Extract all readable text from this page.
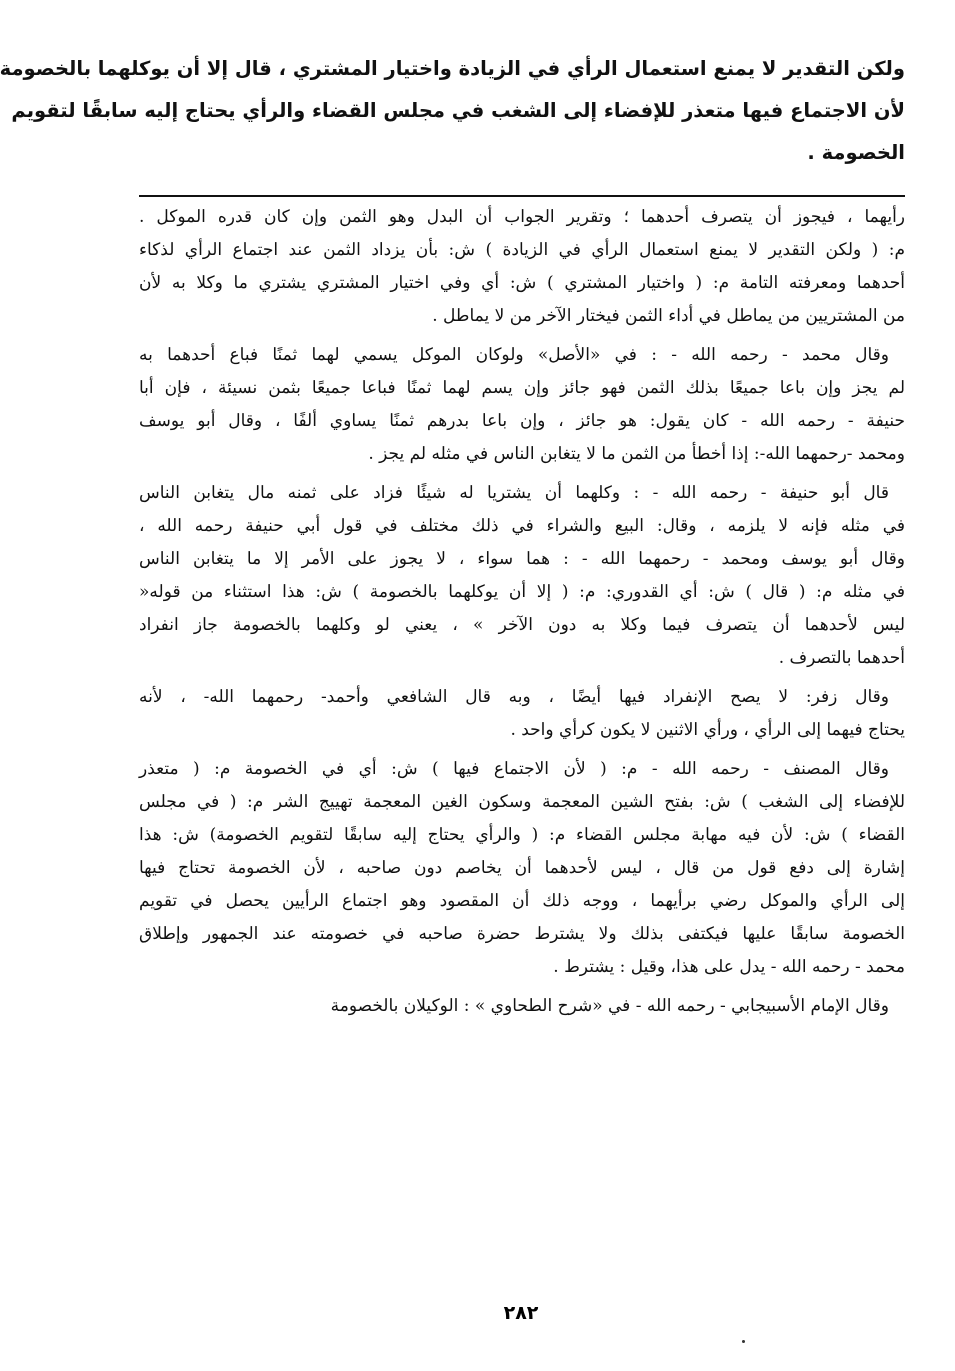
ولكن التقدير لا يمنع استعمال الرأي في الزيادة واختيار المشتري ، قال إلا أن يوكلهما بالخصومة
لأن الاجتماع فيها متعذر للإفضاء إلى الشغب في مجلس القضاء والرأي يحتاج إليه سابقًا لتقويم
الخصومة .

رأيهما ، فيجوز أن يتصرف أحدهما ؛ وتقرير الجواب أن البدل وهو الثمن وإن كان قدره الموكل .
م: ( ولكن التقدير لا يمنع استعمال الرأي في الزيادة ) ش: بأن يزداد الثمن عند اجتماع الرأي لذكاء
أحدهما ومعرفته التامة م: ( واختيار المشتري ) ش: أي وفي اختيار المشتري يشتري ما وكلا به لأن
من المشتريين من يماطل في أداء الثمن فيختار الآخر من لا يماطل .

وقال محمد - رحمه الله - : في «الأصل» ولوكان الموكل يسمي لهما ثمنًا فباع أحدهما به
لم يجز وإن باعا جميعًا بذلك الثمن فهو جائز وإن يسم لهما ثمنًا فباعا جميعًا بثمن نسيئة ، فإن أبا
حنيفة - رحمه الله - كان يقول: هو جائز ، وإن باعا بدرهم ثمنًا يساوي ألفًا ، وقال أبو يوسف
ومحمد -رحمهما الله-: إذا أخطأ من الثمن ما لا يتغابن الناس في مثله لم يجز .

قال أبو حنيفة - رحمه الله - : وكلهما أن يشتريا له شيئًا فزاد على ثمنه مال يتغابن الناس
في مثله فإنه لا يلزمه ، وقال: البيع والشراء في ذلك مختلف في قول أبي حنيفة رحمه الله ،
وقال أبو يوسف ومحمد - رحمهما الله - : هما سواء ، لا يجوز على الأمر إلا ما يتغابن الناس
في مثله م: ( قال ) ش: أي القدوري: م: ( إلا أن يوكلهما بالخصومة ) ش: هذا استثناء من قوله«
ليس لأحدهما أن يتصرف فيما وكلا به دون الآخر » ، يعني لو وكلهما بالخصومة جاز انفراد
أحدهما بالتصرف .

وقال زفر: لا يصح الإنفراد فيها أيضًا ، وبه قال الشافعي وأحمد- رحمهما الله- ، لأنه
يحتاج فيهما إلى الرأي ، ورأي الاثنين لا يكون كرأي واحد .

وقال المصنف - رحمه الله - م: ( لأن الاجتماع فيها ) ش: أي في الخصومة م: ( متعذر
للإفضاء إلى الشغب ) ش: بفتح الشين المعجمة وسكون الغين المعجمة تهييج الشر م: ( في مجلس
القضاء ) ش: لأن فيه مهابة مجلس القضاء م: ( والرأي يحتاج إليه سابقًا لتقويم الخصومة) ش: هذا
إشارة إلى دفع قول من قال ، ليس لأحدهما أن يخاصم دون صاحبه ، لأن الخصومة تحتاج فيها
إلى الرأي والموكل رضي برأيهما ، ووجه ذلك أن المقصود وهو اجتماع الرأيين يحصل في تقويم
الخصومة سابقًا عليها فيكتفى بذلك ولا يشترط حضرة صاحبه في خصومته عند الجمهور وإطلاق
محمد - رحمه الله - يدل على هذا، وقيل : يشترط .

وقال الإمام الأسبيجابي - رحمه الله - في «شرح الطحاوي » : الوكيلان بالخصومة

٢٨٢
